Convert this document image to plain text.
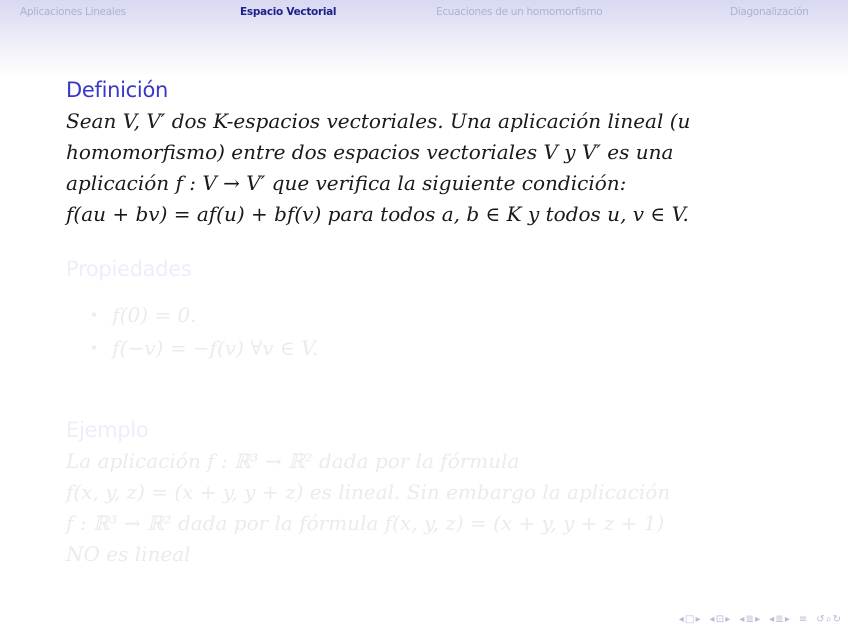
Aplicaciones Lineales	Espacio Vectorial	Ecuaciones de un homomorfismo	Diagonalización
Definición
Sean V, V′ dos K-espacios vectoriales. Una aplicación lineal (u
homomorfismo) entre dos espacios vectoriales V y V′ es una
aplicación f : V → V′ que verifica la siguiente condición:
f(au + bv) = af(u) + bf(v) para todos a, b ∈ K y todos u, v ∈ V.
Propiedades
• f(0) = 0.
• f(−v) = −f(v) ∀v ∈ V.
Ejemplo
La aplicación f : ℝ³ → ℝ² dada por la fórmula
f(x, y, z) = (x + y, y + z) es lineal. Sin embargo la aplicación
f : ℝ³ → ℝ² dada por la fórmula f(x, y, z) = (x + y, y + z + 1)
NO es lineal
◂ □ ▸ ◂ ⊡ ▸ ◂ ≣ ▸ ◂ ≣ ▸ ≡ ↺ ⌕ ↻
